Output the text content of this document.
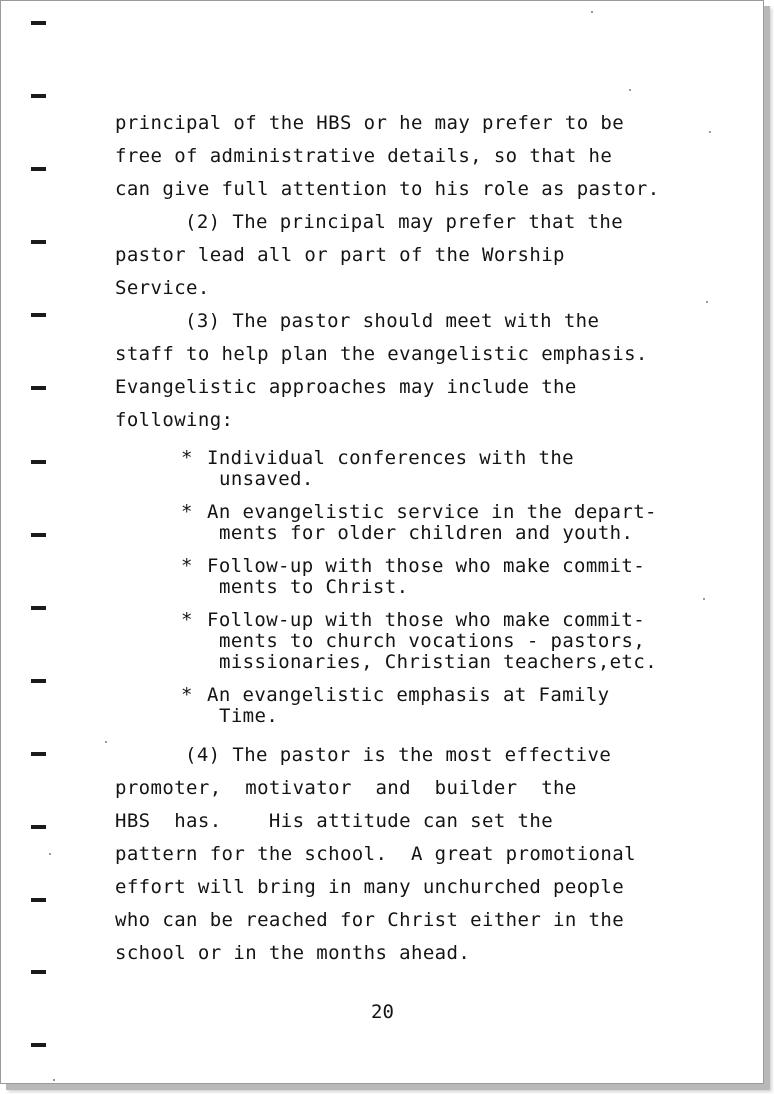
principal of the HBS or he may prefer to be
free of administrative details, so that he
can give full attention to his role as pastor.

(2) The principal may prefer that the
pastor lead all or part of the Worship
Service.

(3) The pastor should meet with the
staff to help plan the evangelistic emphasis.
Evangelistic approaches may include the
following:

* Individual conferences with the
unsaved.
* An evangelistic service in the depart-
ments for older children and youth.
* Follow-up with those who make commit-
ments to Christ.
* Follow-up with those who make commit-
ments to church vocations - pastors,
missionaries, Christian teachers,etc.
* An evangelistic emphasis at Family
Time.

(4) The pastor is the most effective
promoter,  motivator  and  builder  the
HBS  has.    His attitude can set the
pattern for the school.  A great promotional
effort will bring in many unchurched people
who can be reached for Christ either in the
school or in the months ahead.

20
